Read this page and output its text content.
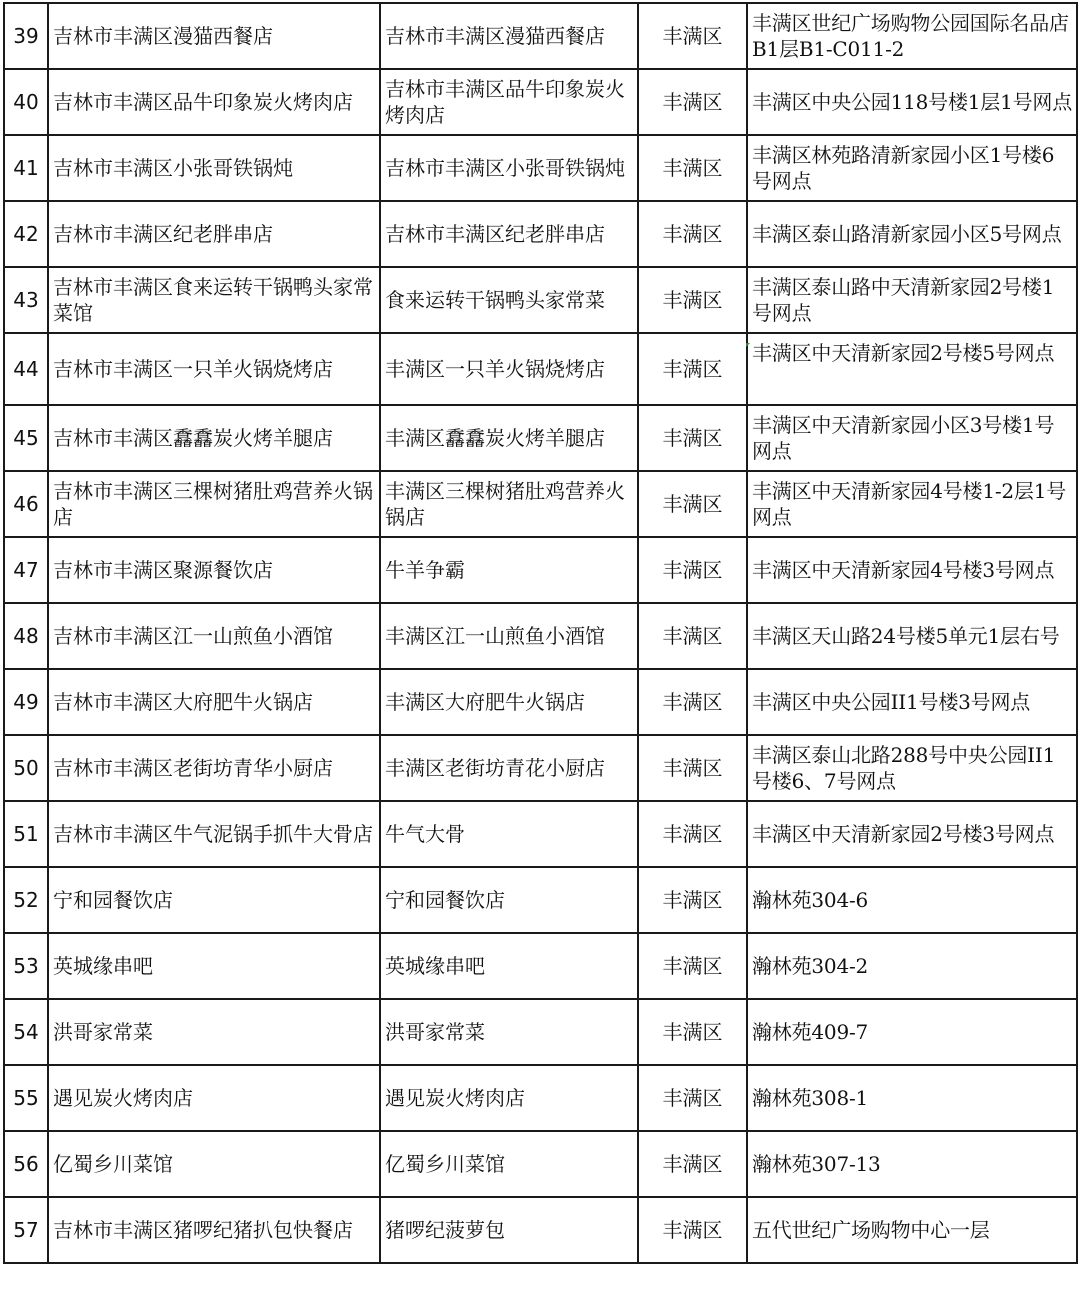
39	吉林市丰满区漫猫西餐店	吉林市丰满区漫猫西餐店	丰满区	丰满区世纪广场购物公园国际名品店B1层B1-C011-2
40	吉林市丰满区品牛印象炭火烤肉店	吉林市丰满区品牛印象炭火烤肉店	丰满区	丰满区中央公园118号楼1层1号网点
41	吉林市丰满区小张哥铁锅炖	吉林市丰满区小张哥铁锅炖	丰满区	丰满区林苑路清新家园小区1号楼6号网点
42	吉林市丰满区纪老胖串店	吉林市丰满区纪老胖串店	丰满区	丰满区泰山路清新家园小区5号网点
43	吉林市丰满区食来运转干锅鸭头家常菜馆	食来运转干锅鸭头家常菜	丰满区	丰满区泰山路中天清新家园2号楼1号网点
44	吉林市丰满区一只羊火锅烧烤店	丰满区一只羊火锅烧烤店	丰满区	丰满区中天清新家园2号楼5号网点
45	吉林市丰满区馫馫炭火烤羊腿店	丰满区馫馫炭火烤羊腿店	丰满区	丰满区中天清新家园小区3号楼1号网点
46	吉林市丰满区三棵树猪肚鸡营养火锅店	丰满区三棵树猪肚鸡营养火锅店	丰满区	丰满区中天清新家园4号楼1-2层1号网点
47	吉林市丰满区聚源餐饮店	牛羊争霸	丰满区	丰满区中天清新家园4号楼3号网点
48	吉林市丰满区江一山煎鱼小酒馆	丰满区江一山煎鱼小酒馆	丰满区	丰满区天山路24号楼5单元1层右号
49	吉林市丰满区大府肥牛火锅店	丰满区大府肥牛火锅店	丰满区	丰满区中央公园II1号楼3号网点
50	吉林市丰满区老街坊青华小厨店	丰满区老街坊青花小厨店	丰满区	丰满区泰山北路288号中央公园II1号楼6、7号网点
51	吉林市丰满区牛气泥锅手抓牛大骨店	牛气大骨	丰满区	丰满区中天清新家园2号楼3号网点
52	宁和园餐饮店	宁和园餐饮店	丰满区	瀚林苑304-6
53	英城缘串吧	英城缘串吧	丰满区	瀚林苑304-2
54	洪哥家常菜	洪哥家常菜	丰满区	瀚林苑409-7
55	遇见炭火烤肉店	遇见炭火烤肉店	丰满区	瀚林苑308-1
56	亿蜀乡川菜馆	亿蜀乡川菜馆	丰满区	瀚林苑307-13
57	吉林市丰满区猪啰纪猪扒包快餐店	猪啰纪菠萝包	丰满区	五代世纪广场购物中心一层
